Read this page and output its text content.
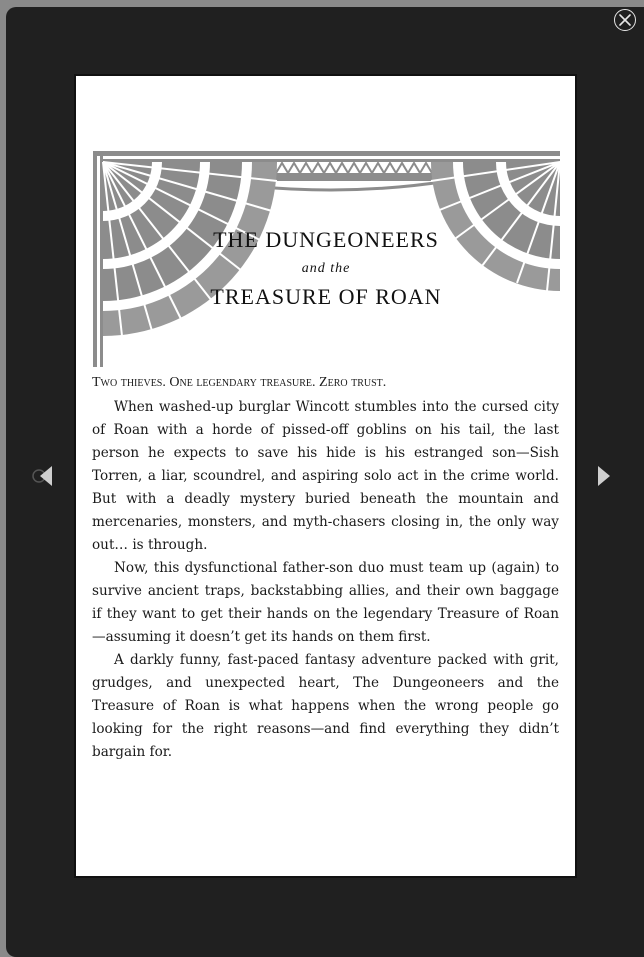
THE DUNGEONEERS
and the
TREASURE OF ROAN
Two thieves. One legendary treasure. Zero trust.

When washed-up burglar Wincott stumbles into the cursed city of Roan with a horde of pissed-off goblins on his tail, the last person he expects to save his hide is his estranged son—Sish Torren, a liar, scoundrel, and aspiring solo act in the crime world. But with a deadly mystery buried beneath the mountain and mercenaries, monsters, and myth-chasers closing in, the only way out… is through.

Now, this dysfunctional father-son duo must team up (again) to survive ancient traps, backstabbing allies, and their own baggage if they want to get their hands on the legendary Treasure of Roan—assuming it doesn’t get its hands on them first.

A darkly funny, fast-paced fantasy adventure packed with grit, grudges, and unexpected heart, The Dungeoneers and the Treasure of Roan is what happens when the wrong people go looking for the right reasons—and find everything they didn’t bargain for.
